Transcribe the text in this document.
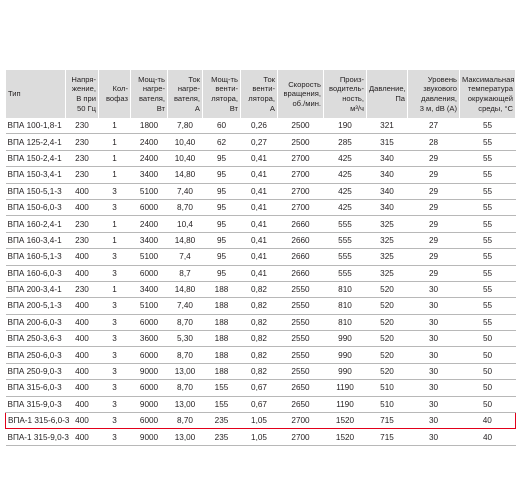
Тип	Напря-
жение,
В при
50 Гц	Кол-
вофаз	Мощ-ть
нагре-
вателя,
Вт	Ток
нагре-
вателя,
А	Мощ-ть
венти-
лятора,
Вт	Ток
венти-
лятора,
А	Скорость
вращения,
об./мин.	Произ-
водитель-
ность,
м³/ч	Давление,
Па	Уровень
звукового
давления,
3 м, dB (А)	Максимальная
температура
окружающей
среды, °С
ВПА 100-1,8-1	230	1	1800	7,80	60	0,26	2500	190	321	27	55
ВПА 125-2,4-1	230	1	2400	10,40	62	0,27	2500	285	315	28	55
ВПА 150-2,4-1	230	1	2400	10,40	95	0,41	2700	425	340	29	55
ВПА 150-3,4-1	230	1	3400	14,80	95	0,41	2700	425	340	29	55
ВПА 150-5,1-3	400	3	5100	7,40	95	0,41	2700	425	340	29	55
ВПА 150-6,0-3	400	3	6000	8,70	95	0,41	2700	425	340	29	55
ВПА 160-2,4-1	230	1	2400	10,4	95	0,41	2660	555	325	29	55
ВПА 160-3,4-1	230	1	3400	14,80	95	0,41	2660	555	325	29	55
ВПА 160-5,1-3	400	3	5100	7,4	95	0,41	2660	555	325	29	55
ВПА 160-6,0-3	400	3	6000	8,7	95	0,41	2660	555	325	29	55
ВПА 200-3,4-1	230	1	3400	14,80	188	0,82	2550	810	520	30	55
ВПА 200-5,1-3	400	3	5100	7,40	188	0,82	2550	810	520	30	55
ВПА 200-6,0-3	400	3	6000	8,70	188	0,82	2550	810	520	30	55
ВПА 250-3,6-3	400	3	3600	5,30	188	0,82	2550	990	520	30	50
ВПА 250-6,0-3	400	3	6000	8,70	188	0,82	2550	990	520	30	50
ВПА 250-9,0-3	400	3	9000	13,00	188	0,82	2550	990	520	30	50
ВПА 315-6,0-3	400	3	6000	8,70	155	0,67	2650	1190	510	30	50
ВПА 315-9,0-3	400	3	9000	13,00	155	0,67	2650	1190	510	30	50
ВПА-1 315-6,0-3	400	3	6000	8,70	235	1,05	2700	1520	715	30	40
ВПА-1 315-9,0-3	400	3	9000	13,00	235	1,05	2700	1520	715	30	40
